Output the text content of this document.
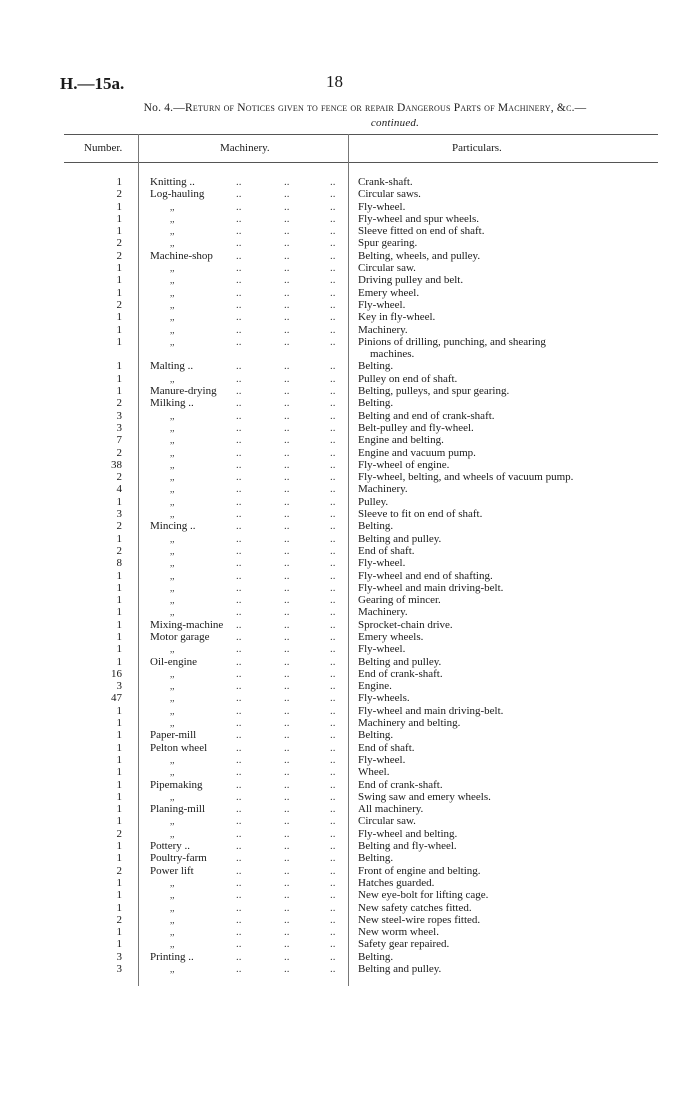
H.—15a.	18
No. 4.—Return of Notices given to fence or repair Dangerous Parts of Machinery, &c.—
continued.
Number.	Machinery.	Particulars.
1	Knitting ..	..	..	.. Crank-shaft.
2	Log-hauling	..	..	.. Circular saws.
1	,,	..	..	.. Fly-wheel.
1	,,	..	..	.. Fly-wheel and spur wheels.
1	,,	..	..	.. Sleeve fitted on end of shaft.
2	,,	..	..	.. Spur gearing.
2	Machine-shop ..	..	.. Belting, wheels, and pulley.
1	,,	..	..	.. Circular saw.
1	,,	..	..	.. Driving pulley and belt.
1	,,	..	..	.. Emery wheel.
2	,,	..	..	.. Fly-wheel.
1	,,	..	..	.. Key in fly-wheel.
1	,,	..	..	.. Machinery.
1	,,	..	..	.. Pinions of drilling, punching, and shearing
machines.
1	Malting ..	..	..	.. Belting.
1	,,	..	..	.. Pulley on end of shaft.
1	Manure-drying ..	..	.. Belting, pulleys, and spur gearing.
2	Milking ..	..	..	.. Belting.
3	,,	..	..	.. Belting and end of crank-shaft.
3	,,	..	..	.. Belt-pulley and fly-wheel.
7	,,	..	..	.. Engine and belting.
2	,,	..	..	.. Engine and vacuum pump.
38	,,	..	..	.. Fly-wheel of engine.
2	,,	..	..	.. Fly-wheel, belting, and wheels of vacuum pump.
4	,,	..	..	.. Machinery.
1	,,	..	..	.. Pulley.
3	,,	..	..	.. Sleeve to fit on end of shaft.
2	Mincing ..	..	..	.. Belting.
1	,,	..	..	.. Belting and pulley.
2	,,	..	..	.. End of shaft.
8	,,	..	..	.. Fly-wheel.
1	,,	..	..	.. Fly-wheel and end of shafting.
1	,,	..	..	.. Fly-wheel and main driving-belt.
1	,,	..	..	.. Gearing of mincer.
1	,,	..	..	.. Machinery.
1	Mixing-machine ..	..	.. Sprocket-chain drive.
1	Motor garage ..	..	.. Emery wheels.
1	,,	..	..	.. Fly-wheel.
1	Oil-engine	..	..	.. Belting and pulley.
16	,,	..	..	.. End of crank-shaft.
3	,,	..	..	.. Engine.
47	,,	..	..	.. Fly-wheels.
1	,,	..	..	.. Fly-wheel and main driving-belt.
1	,,	..	..	.. Machinery and belting.
1	Paper-mill	..	..	.. Belting.
1	Pelton wheel	..	..	.. End of shaft.
1	,,	..	..	.. Fly-wheel.
1	,,	..	..	.. Wheel.
1	Pipemaking	..	..	.. End of crank-shaft.
1	,,	..	..	.. Swing saw and emery wheels.
1	Planing-mill	..	..	.. All machinery.
1	,,	..	..	.. Circular saw.
2	,,	..	..	.. Fly-wheel and belting.
1	Pottery ..	..	..	.. Belting and fly-wheel.
1	Poultry-farm	..	..	.. Belting.
2	Power lift	..	..	.. Front of engine and belting.
1	,,	..	..	.. Hatches guarded.
1	,,	..	..	.. New eye-bolt for lifting cage.
1	,,	..	..	.. New safety catches fitted.
2	,,	..	..	.. New steel-wire ropes fitted.
1	,,	..	..	.. New worm wheel.
1	,,	..	..	.. Safety gear repaired.
3	Printing ..	..	..	.. Belting.
3	,,	..	..	.. Belting and pulley.
